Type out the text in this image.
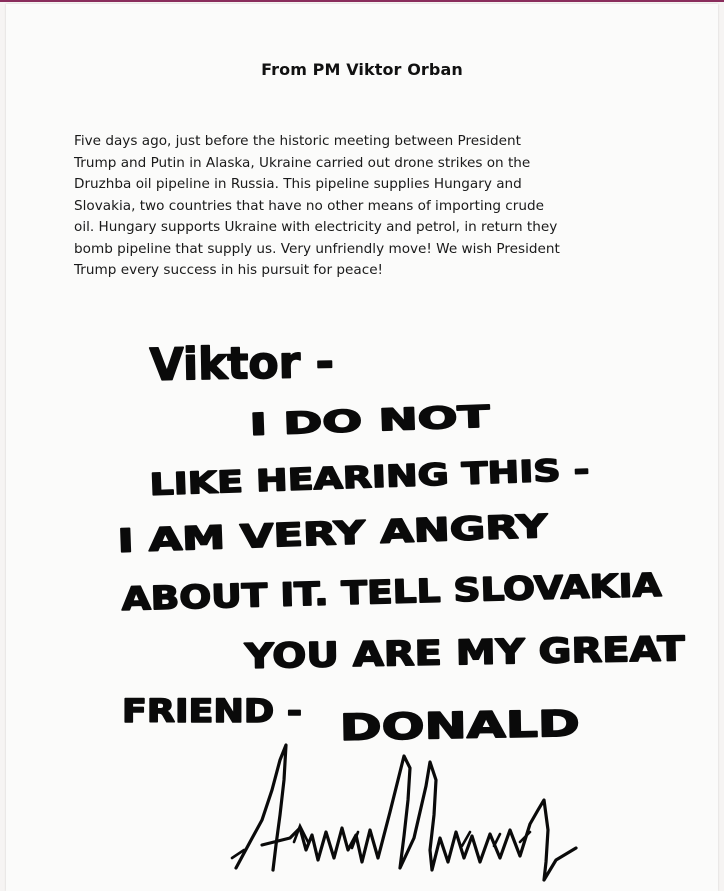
From PM Viktor Orban
Five days ago, just before the historic meeting between President
Trump and Putin in Alaska, Ukraine carried out drone strikes on the
Druzhba oil pipeline in Russia. This pipeline supplies Hungary and
Slovakia, two countries that have no other means of importing crude
oil. Hungary supports Ukraine with electricity and petrol, in return they
bomb pipeline that supply us. Very unfriendly move! We wish President
Trump every success in his pursuit for peace!
Viktor -
I DO NOT
LIKE HEARING THIS -
I AM VERY ANGRY
ABOUT IT. TELL SLOVAKIA
YOU ARE MY GREAT
FRIEND - DONALD
